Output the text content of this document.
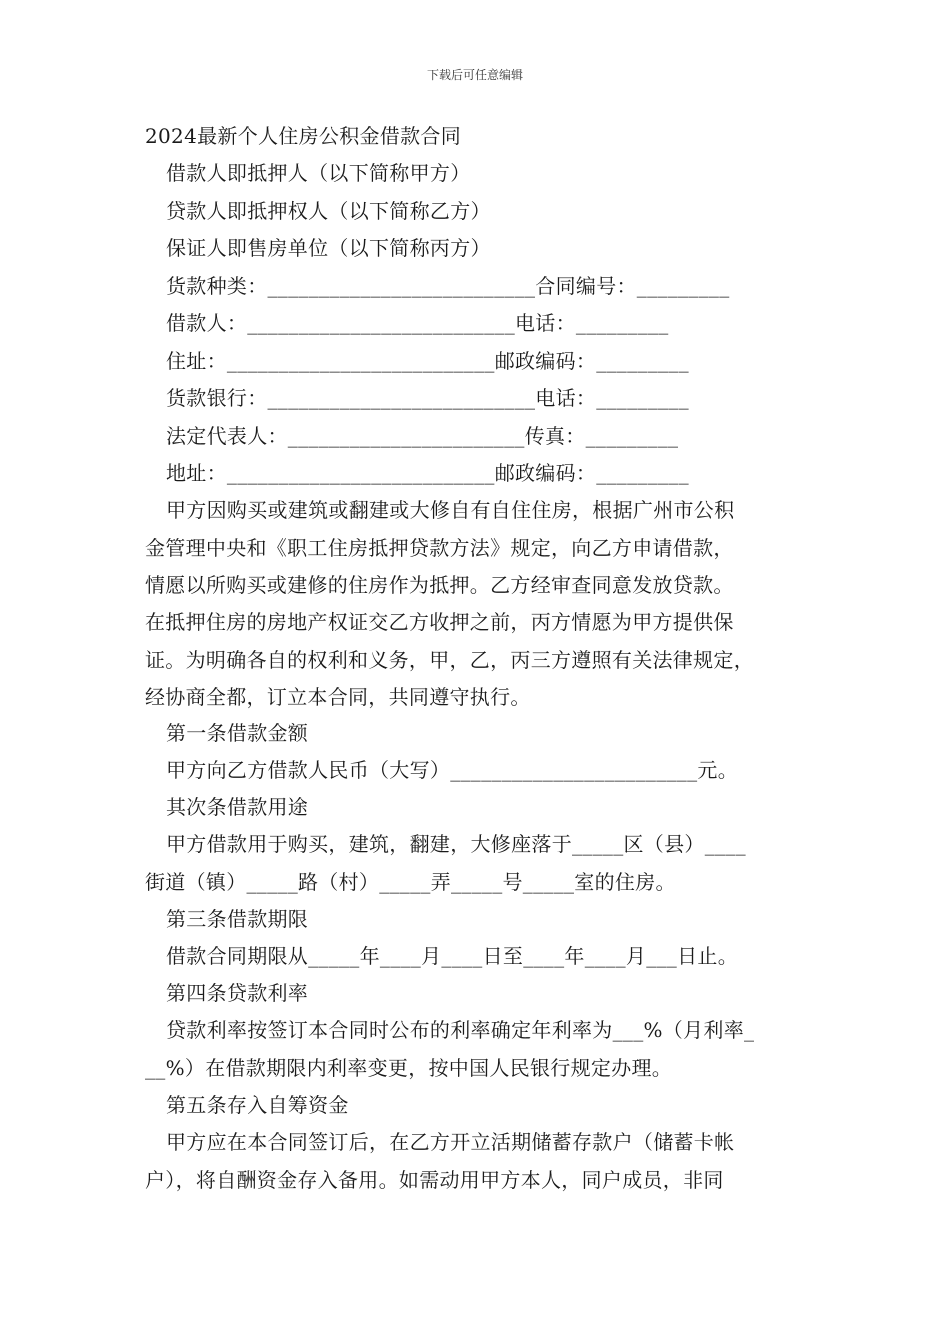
下载后可任意编辑
2024最新个人住房公积金借款合同
借款人即抵押人（以下简称甲方）
贷款人即抵押权人（以下简称乙方）
保证人即售房单位（以下简称丙方）
货款种类：__________________________合同编号：_________
借款人：__________________________电话：_________
住址：__________________________邮政编码：_________
货款银行：__________________________电话：_________
法定代表人：_______________________传真：_________
地址：__________________________邮政编码：_________
甲方因购买或建筑或翻建或大修自有自住住房，根据广州市公积
金管理中央和《职工住房抵押贷款方法》规定，向乙方申请借款，
情愿以所购买或建修的住房作为抵押。乙方经审查同意发放贷款。
在抵押住房的房地产权证交乙方收押之前，丙方情愿为甲方提供保
证。为明确各自的权利和义务，甲，乙，丙三方遵照有关法律规定，
经协商全都，订立本合同，共同遵守执行。
第一条借款金额
甲方向乙方借款人民币（大写）________________________元。
其次条借款用途
甲方借款用于购买，建筑，翻建，大修座落于_____区（县）____
街道（镇）_____路（村）_____弄_____号_____室的住房。
第三条借款期限
借款合同期限从_____年____月____日至____年____月___日止。
第四条贷款利率
贷款利率按签订本合同时公布的利率确定年利率为___%（月利率_
__%）在借款期限内利率变更，按中国人民银行规定办理。
第五条存入自筹资金
甲方应在本合同签订后，在乙方开立活期储蓄存款户（储蓄卡帐
户），将自酬资金存入备用。如需动用甲方本人，同户成员，非同
